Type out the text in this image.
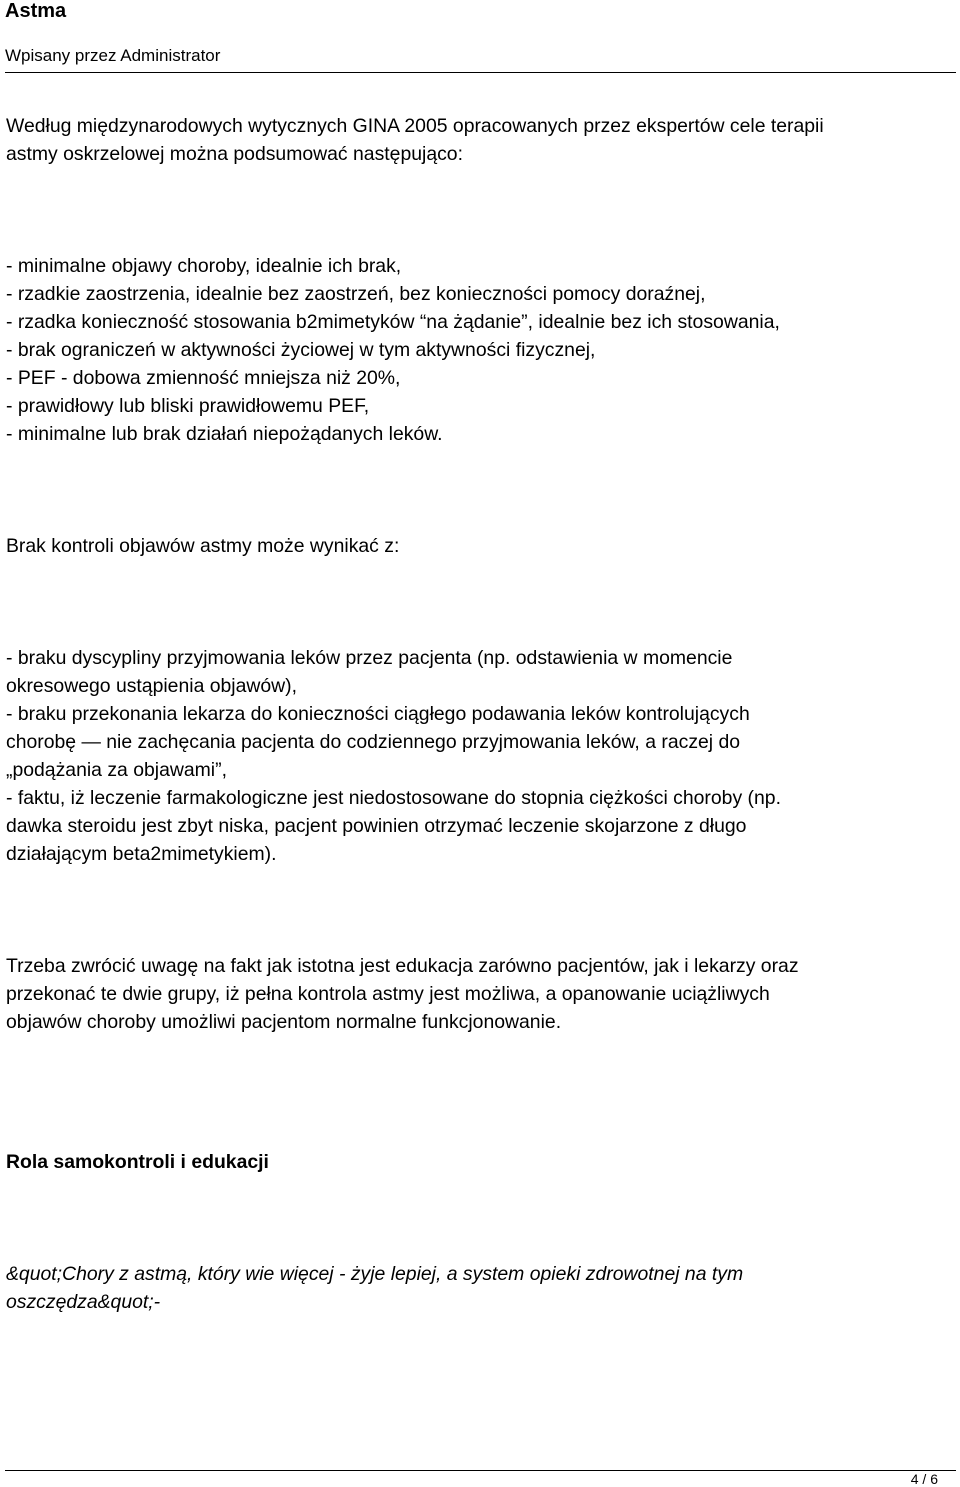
Astma
Wpisany przez Administrator
Według międzynarodowych wytycznych GINA 2005 opracowanych przez ekspertów cele terapii
astmy oskrzelowej można podsumować następująco:
- minimalne objawy choroby, idealnie ich brak,
- rzadkie zaostrzenia, idealnie bez zaostrzeń, bez konieczności pomocy doraźnej,
- rzadka konieczność stosowania b2mimetyków “na żądanie”, idealnie bez ich stosowania,
- brak ograniczeń w aktywności życiowej w tym aktywności fizycznej,
- PEF - dobowa zmienność mniejsza niż 20%,
- prawidłowy lub bliski prawidłowemu PEF,
- minimalne lub brak działań niepożądanych leków.
Brak kontroli objawów astmy może wynikać z:
- braku dyscypliny przyjmowania leków przez pacjenta (np. odstawienia w momencie
okresowego ustąpienia objawów),
- braku przekonania lekarza do konieczności ciągłego podawania leków kontrolujących
chorobę — nie zachęcania pacjenta do codziennego przyjmowania leków, a raczej do
„podążania za objawami”,
- faktu, iż leczenie farmakologiczne jest niedostosowane do stopnia ciężkości choroby (np.
dawka steroidu jest zbyt niska, pacjent powinien otrzymać leczenie skojarzone z długo
działającym beta2mimetykiem).
Trzeba zwrócić uwagę na fakt jak istotna jest edukacja zarówno pacjentów, jak i lekarzy oraz
przekonać te dwie grupy, iż pełna kontrola astmy jest możliwa, a opanowanie uciążliwych
objawów choroby umożliwi pacjentom normalne funkcjonowanie.
Rola samokontroli i edukacji
&quot;Chory z astmą, który wie więcej - żyje lepiej, a system opieki zdrowotnej na tym
oszczędza&quot;-
4 / 6
